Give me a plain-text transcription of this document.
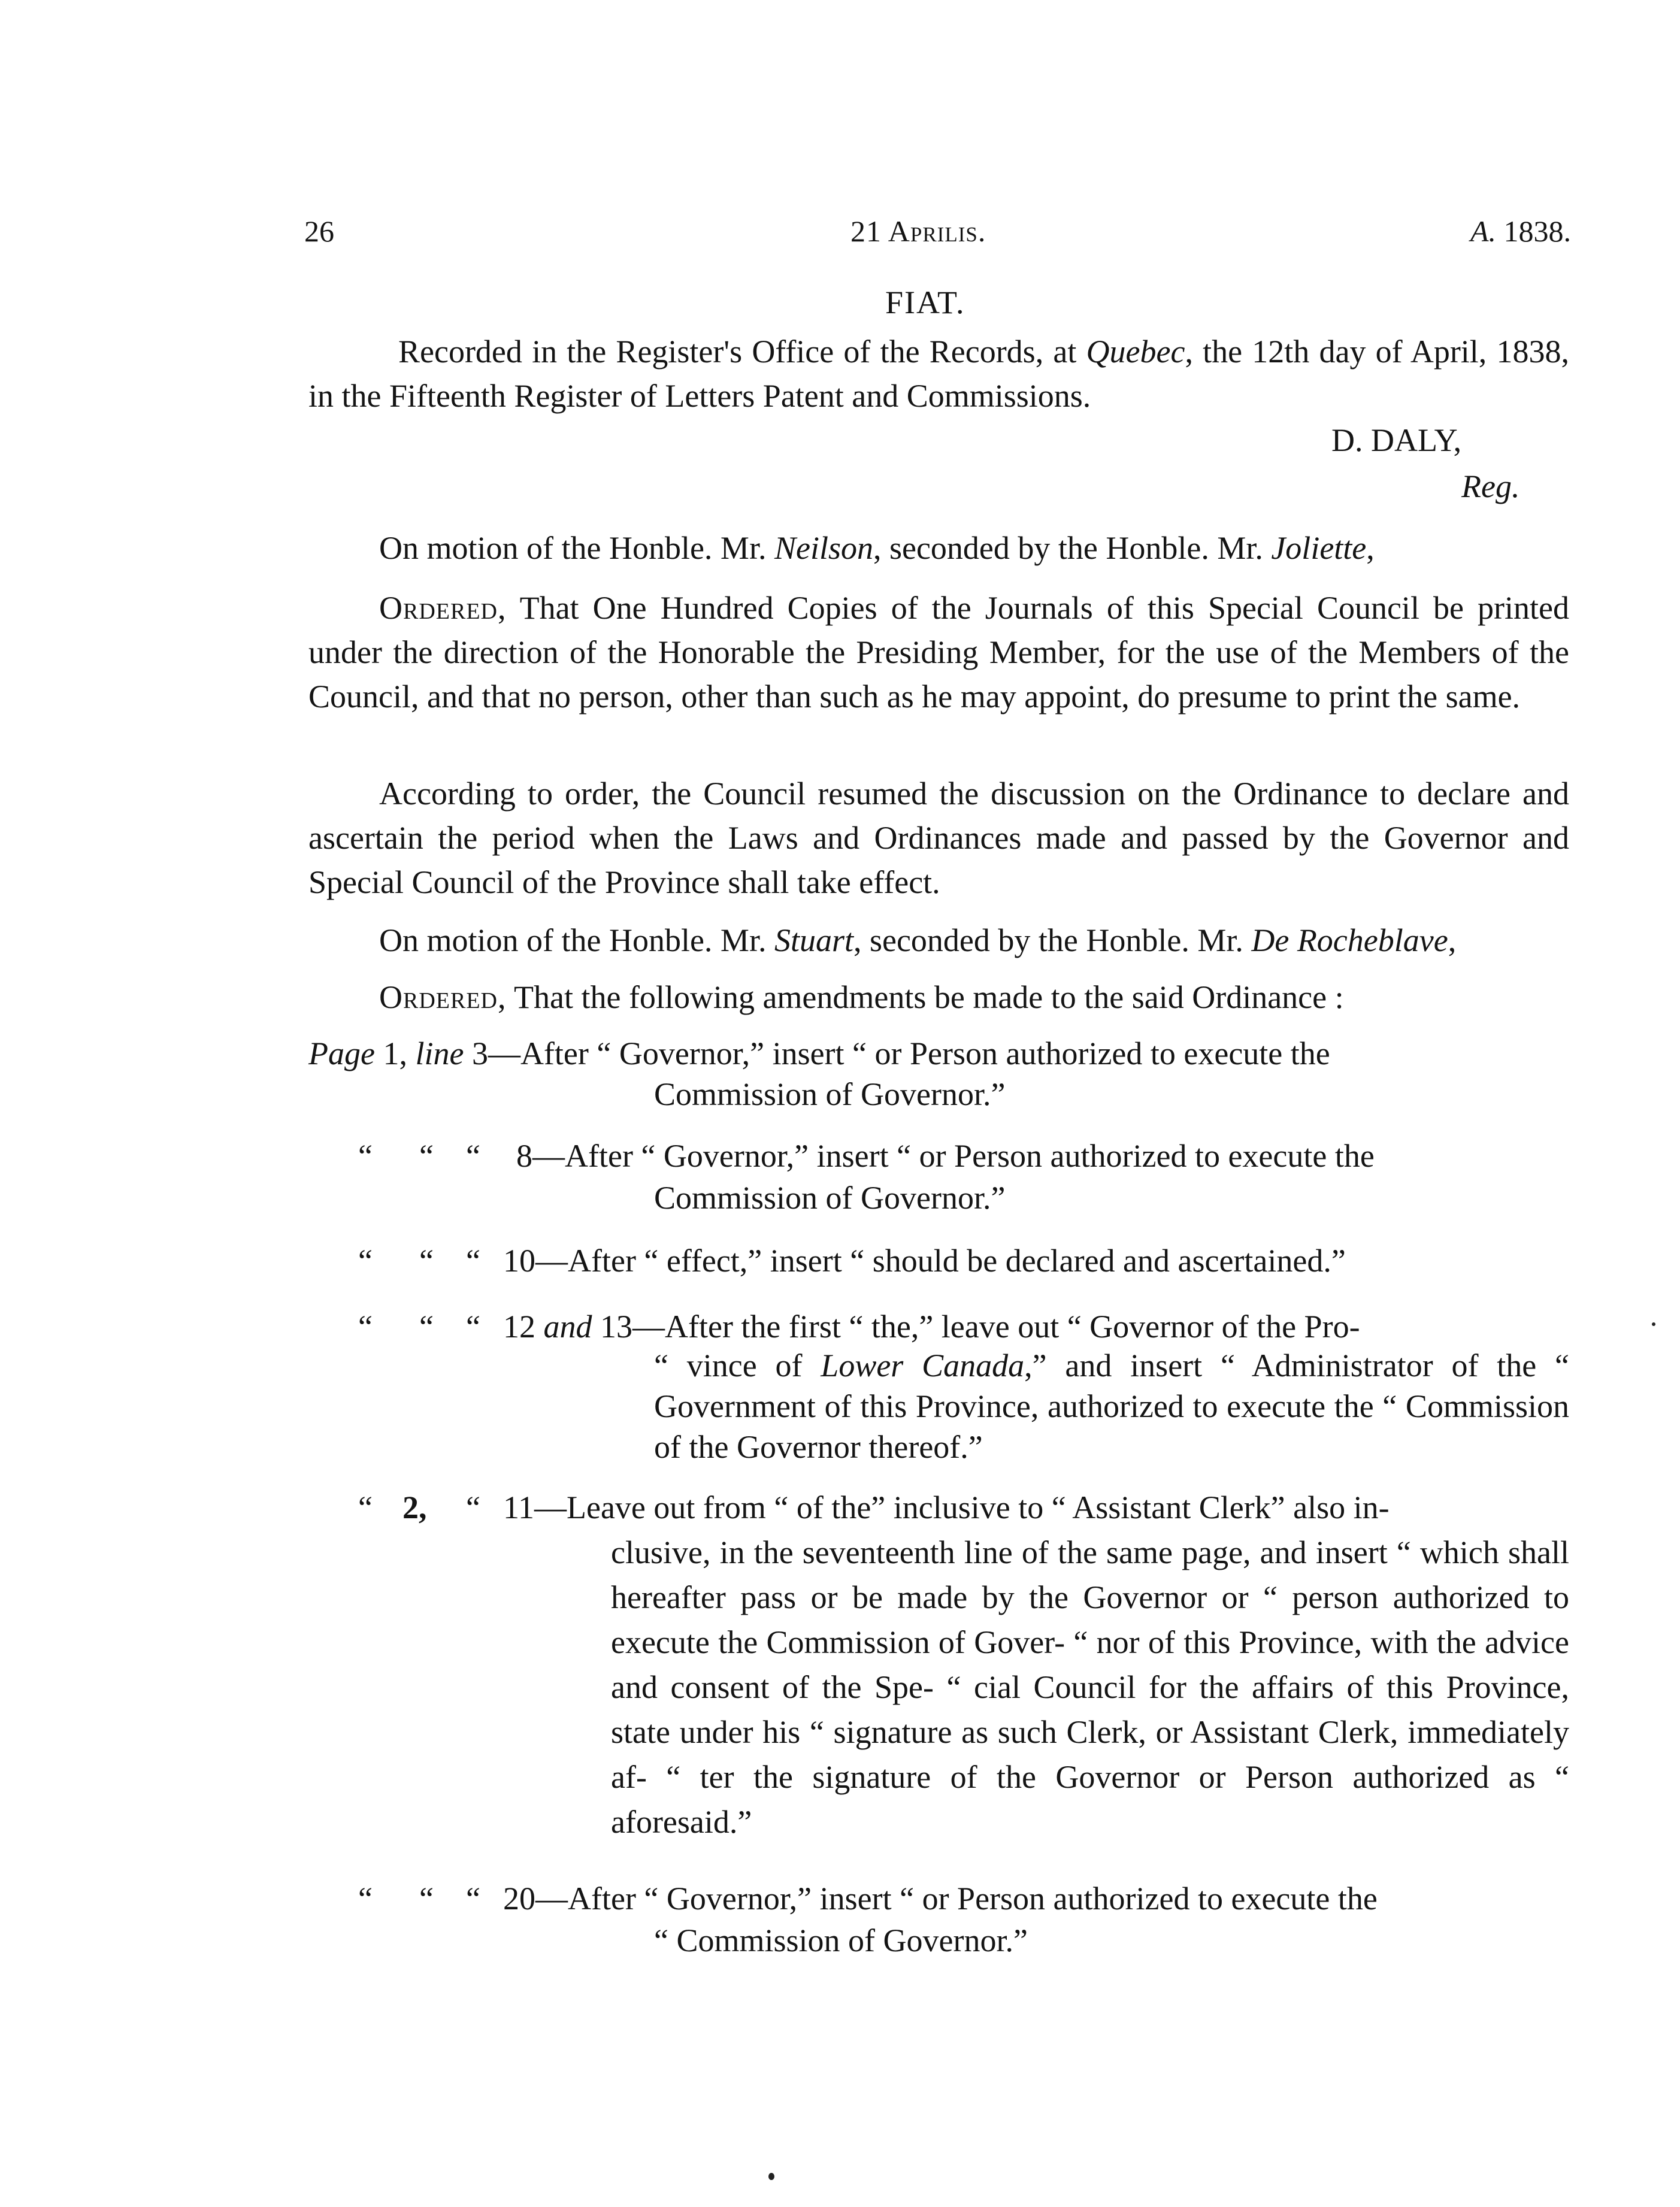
26	21 Aprilis.	A. 1838.
FIAT.

Recorded in the Register's Office of the Records, at Quebec, the 12th day of April, 1838, in the Fifteenth Register of Letters Patent and Commissions.

D. DALY,
Reg.

On motion of the Honble. Mr. Neilson, seconded by the Honble. Mr. Joliette,

Ordered, That One Hundred Copies of the Journals of this Special Council be printed under the direction of the Honorable the Presiding Member, for the use of the Members of the Council, and that no person, other than such as he may appoint, do presume to print the same.

According to order, the Council resumed the discussion on the Ordinance to declare and ascertain the period when the Laws and Ordinances made and passed by the Governor and Special Council of the Province shall take effect.

On motion of the Honble. Mr. Stuart, seconded by the Honble. Mr. De Rocheblave,

Ordered, That the following amendments be made to the said Ordinance :

Page 1, line 3—After “ Governor,” insert “ or Person authorized to execute the
Commission of Governor.”
“ “ “ 8—After “ Governor,” insert “ or Person authorized to execute the
Commission of Governor.”
“ “ “ 10—After “ effect,” insert “ should be declared and ascertained.”
“ “ “ 12 and 13—After the first “ the,” leave out “ Governor of the Pro-

“ vince of Lower Canada,” and insert “ Administrator of the “ Government of this Province, authorized to execute the “ Commission of the Governor thereof.”

“ 2, “ 11—Leave out from “ of the” inclusive to “ Assistant Clerk” also in-

clusive, in the seventeenth line of the same page, and insert “ which shall hereafter pass or be made by the Governor or “ person authorized to execute the Commission of Gover- “ nor of this Province, with the advice and consent of the Spe- “ cial Council for the affairs of this Province, state under his “ signature as such Clerk, or Assistant Clerk, immediately af- “ ter the signature of the Governor or Person authorized as “ aforesaid.”

“ “ “ 20—After “ Governor,” insert “ or Person authorized to execute the
“ Commission of Governor.”
